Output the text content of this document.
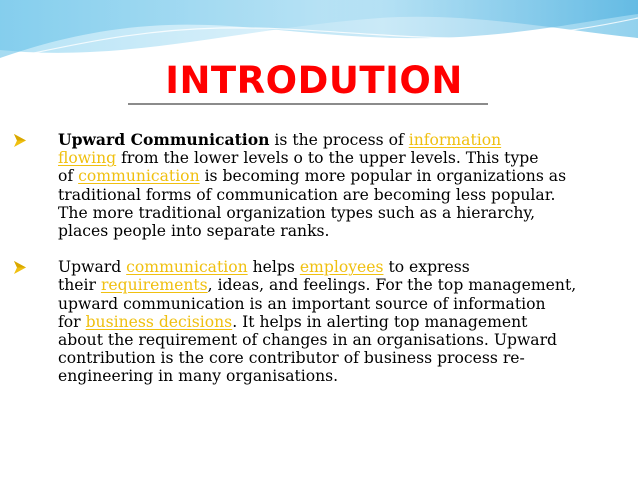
INTRODUTION
Upward Communication is the process of information
flowing from the lower levels o to the upper levels. This type
of communication is becoming more popular in organizations as
traditional forms of communication are becoming less popular.
The more traditional organization types such as a hierarchy,
places people into separate ranks.
Upward communication helps employees to express
their requirements, ideas, and feelings. For the top management,
upward communication is an important source of information
for business decisions. It helps in alerting top management
about the requirement of changes in an organisations. Upward
contribution is the core contributor of business process re-
engineering in many organisations.
